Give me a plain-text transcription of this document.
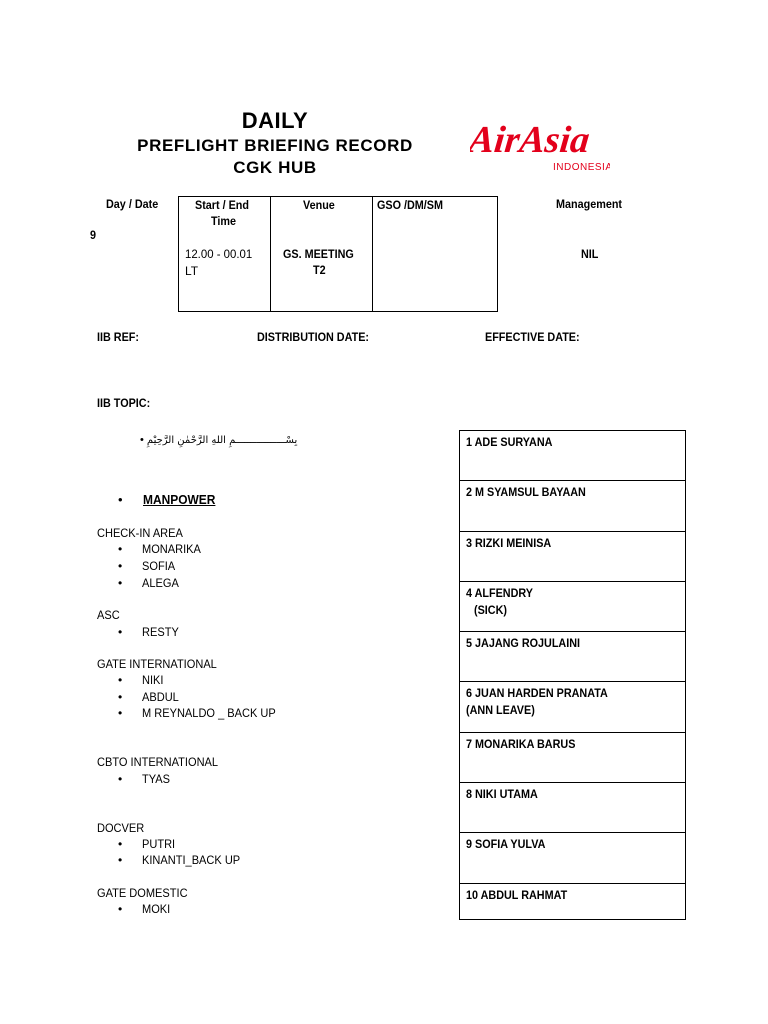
DAILY
PREFLIGHT BRIEFING RECORD
CGK HUB
AirAsia
INDONESIA
Day / Date
9
Management
NIL
Start / End
Time
12.00 - 00.01
LT
Venue
GS. MEETING
T2
GSO /DM/SM
IIB REF:	DISTRIBUTION DATE:	EFFECTIVE DATE:
IIB TOPIC:
• بِسْـــــــــــــــــمِ اللهِ الرَّحْمٰنِ الرَّحِيْمِ
• MANPOWER
CHECK-IN AREA
• MONARIKA
• SOFIA
• ALEGA
ASC
• RESTY
GATE INTERNATIONAL
• NIKI
• ABDUL
• M REYNALDO _ BACK UP
CBTO INTERNATIONAL
• TYAS
DOCVER
• PUTRI
• KINANTI_BACK UP
GATE DOMESTIC
• MOKI
1 ADE SURYANA
2 M SYAMSUL BAYAAN
3 RIZKI MEINISA
4 ALFENDRY
(SICK)
5 JAJANG ROJULAINI
6 JUAN HARDEN PRANATA
(ANN LEAVE)
7 MONARIKA BARUS
8 NIKI UTAMA
9 SOFIA YULVA
10 ABDUL RAHMAT
